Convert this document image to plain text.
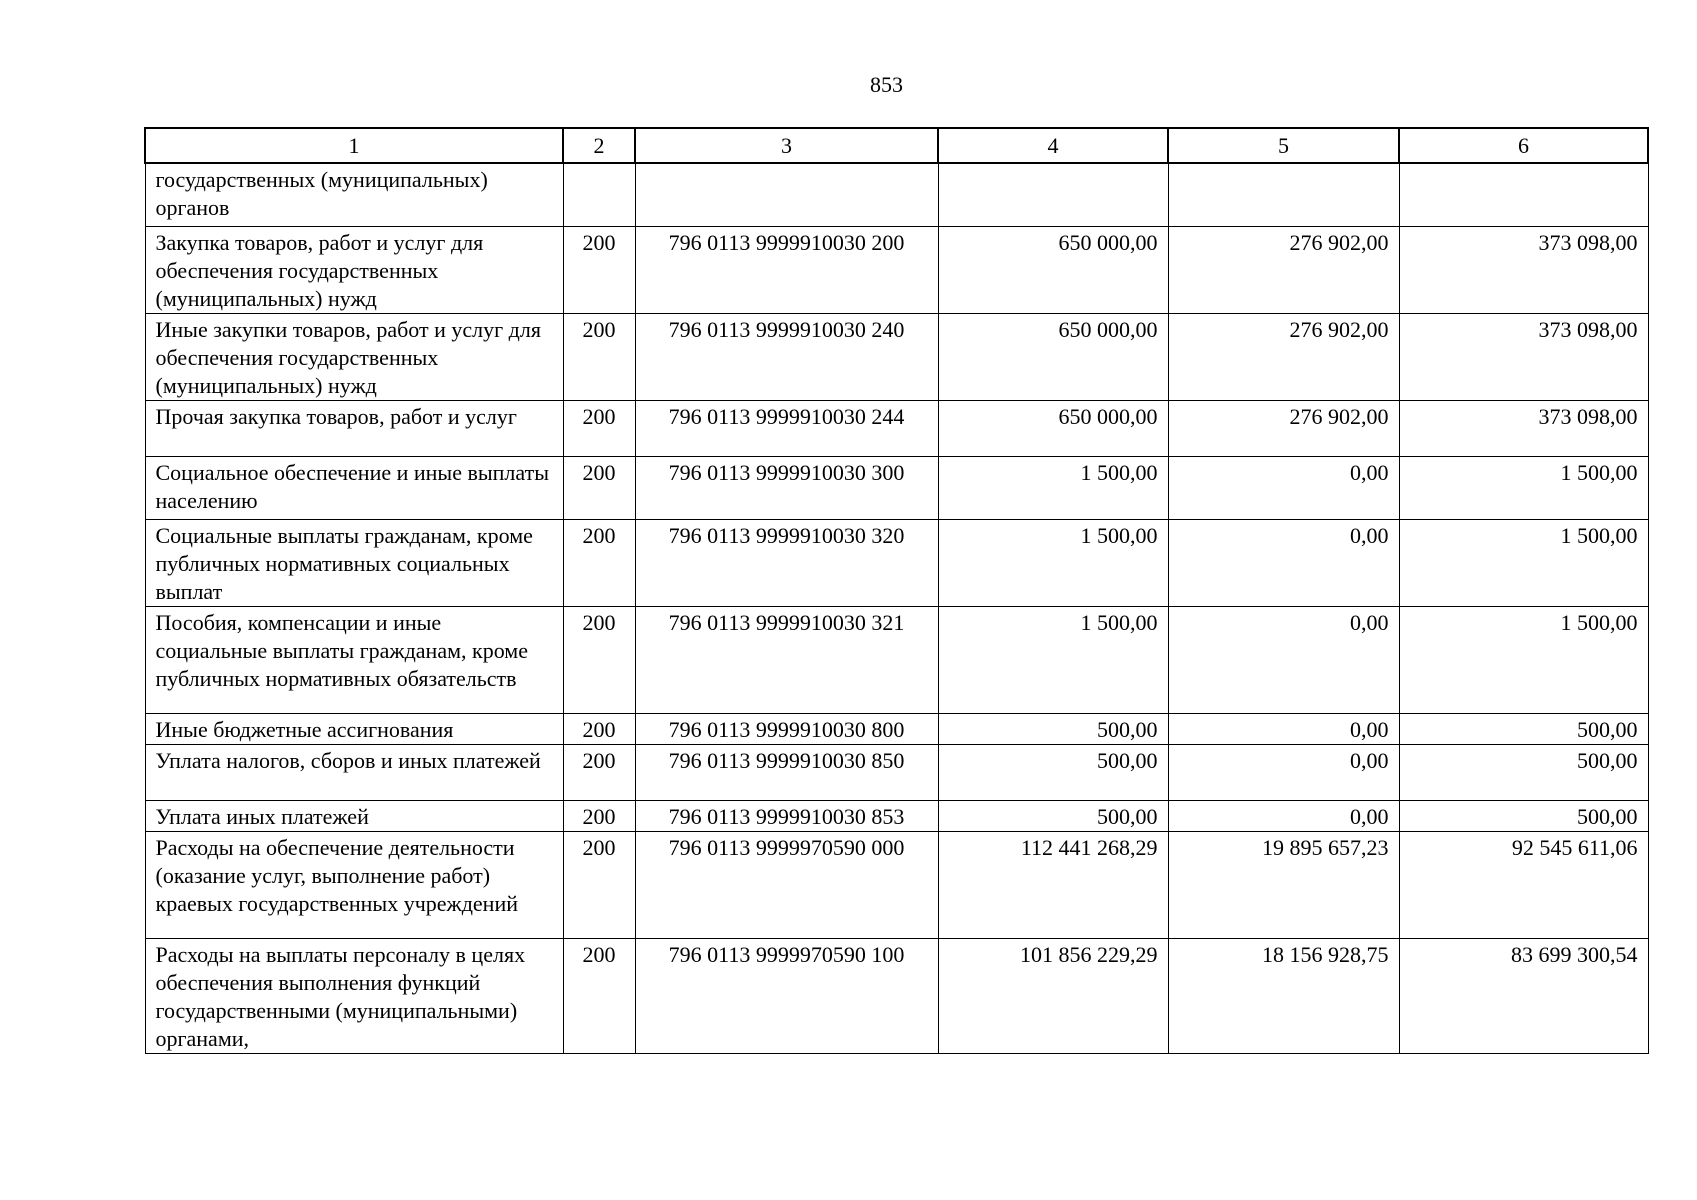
853
1	2	3	4	5	6
государственных (муниципальных) органов					
Закупка товаров, работ и услуг для обеспечения государственных (муниципальных) нужд	200	796 0113 9999910030 200	650 000,00	276 902,00	373 098,00
Иные закупки товаров, работ и услуг для обеспечения государственных (муниципальных) нужд	200	796 0113 9999910030 240	650 000,00	276 902,00	373 098,00
Прочая закупка товаров, работ и услуг	200	796 0113 9999910030 244	650 000,00	276 902,00	373 098,00
Социальное обеспечение и иные выплаты населению	200	796 0113 9999910030 300	1 500,00	0,00	1 500,00
Социальные выплаты гражданам, кроме публичных нормативных социальных выплат	200	796 0113 9999910030 320	1 500,00	0,00	1 500,00
Пособия, компенсации и иные социальные выплаты гражданам, кроме публичных нормативных обязательств	200	796 0113 9999910030 321	1 500,00	0,00	1 500,00
Иные бюджетные ассигнования	200	796 0113 9999910030 800	500,00	0,00	500,00
Уплата налогов, сборов и иных платежей	200	796 0113 9999910030 850	500,00	0,00	500,00
Уплата иных платежей	200	796 0113 9999910030 853	500,00	0,00	500,00
Расходы на обеспечение деятельности (оказание услуг, выполнение работ) краевых государственных учреждений	200	796 0113 9999970590 000	112 441 268,29	19 895 657,23	92 545 611,06
Расходы на выплаты персоналу в целях обеспечения выполнения функций государственными (муниципальными) органами,	200	796 0113 9999970590 100	101 856 229,29	18 156 928,75	83 699 300,54
